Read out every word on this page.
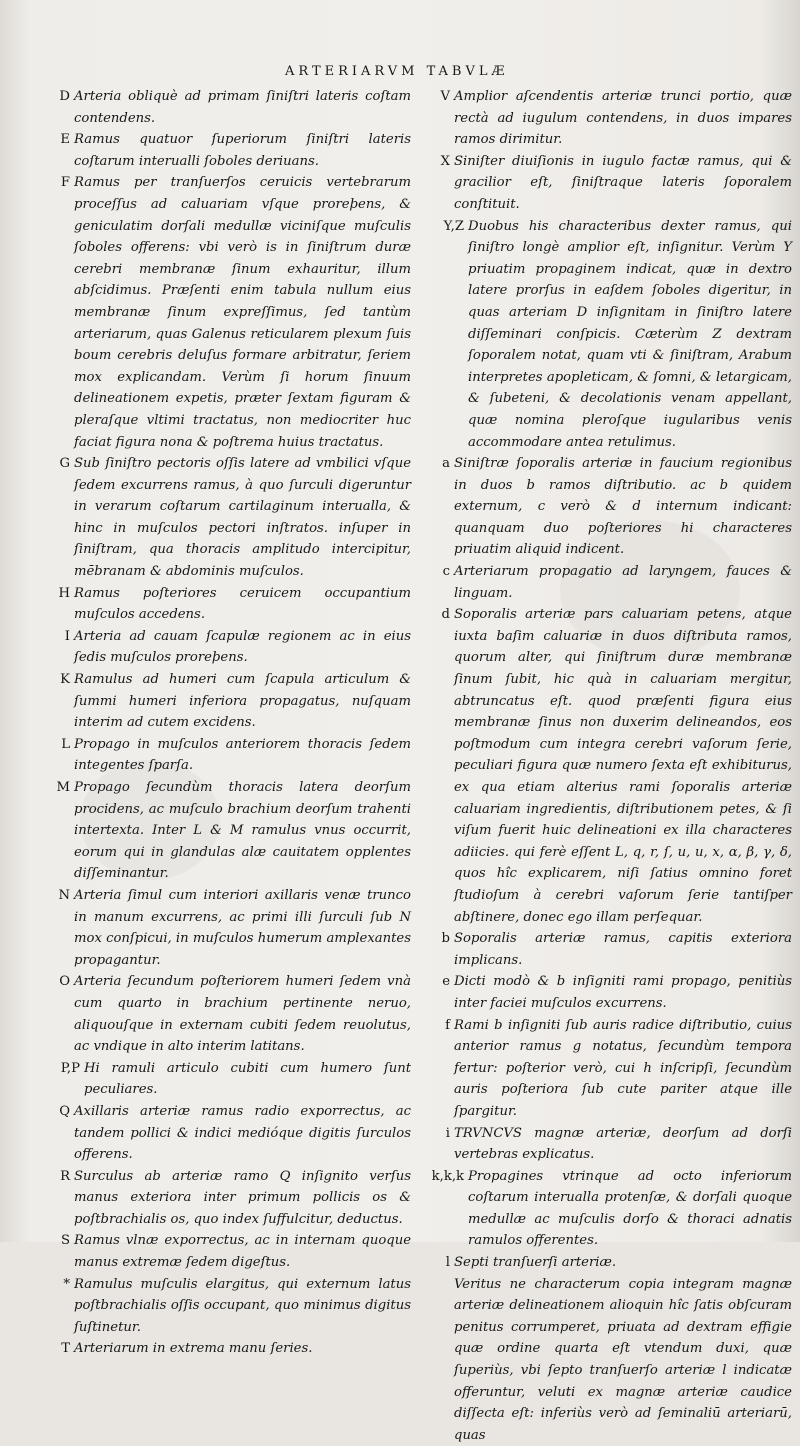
ARTERIARVM TABVLÆ
D Arteria obliquè ad primam ſiniſtri lateris coſtam contendens.
E Ramus quatuor ſuperiorum ſiniſtri lateris coſtarum interualli ſoboles deriuans.
F Ramus per tranſuerſos ceruicis vertebrarum proceſſus ad caluariam vſque proreþens, & geniculatim dorſali medullæ viciniſque muſculis ſoboles offerens: vbi verò is in ſiniſtrum duræ cerebri membranæ ſinum exhauritur, illum abſcidimus. Præſenti enim tabula nullum eius membranæ ſinum expreſſimus, ſed tantùm arteriarum, quas Galenus reticularem plexum ſuis boum cerebris deluſus formare arbitratur, ſeriem mox explicandam. Verùm ſi horum ſinuum delineationem expetis, præter ſextam figuram & pleraſque vltimi tractatus, non mediocriter huc faciat figura nona & poſtrema huius tractatus.
G Sub ſiniſtro pectoris oſſis latere ad vmbilici vſque ſedem excurrens ramus, à quo ſurculi digeruntur in verarum coſtarum cartilaginum interualla, & hinc in muſculos pectori inſtratos. inſuper in ſiniſtram, qua thoracis amplitudo intercipitur, mēbranam & abdominis muſculos.
H Ramus poſteriores ceruicem occupantium muſculos accedens.
I Arteria ad cauam ſcapulæ regionem ac in eius ſedis muſculos proreþens.
K Ramulus ad humeri cum ſcapula articulum & ſummi humeri inferiora propagatus, nuſquam interim ad cutem excidens.
L Propago in muſculos anteriorem thoracis ſedem integentes ſparſa.
M Propago ſecundùm thoracis latera deorſum procidens, ac muſculo brachium deorſum trahenti intertexta. Inter L & M ramulus vnus occurrit, eorum qui in glandulas alæ cauitatem opplentes diſſeminantur.
N Arteria ſimul cum interiori axillaris venæ trunco in manum excurrens, ac primi illi ſurculi ſub N mox conſpicui, in muſculos humerum amplexantes propagantur.
O Arteria ſecundum poſteriorem humeri ſedem vnà cum quarto in brachium pertinente neruo, aliquouſque in externam cubiti ſedem reuolutus, ac vndique in alto interim latitans.
P,P Hi ramuli articulo cubiti cum humero ſunt peculiares.
Q Axillaris arteriæ ramus radio exporrectus, ac tandem pollici & indici medióque digitis ſurculos offerens.
R Surculus ab arteriæ ramo Q inſignito verſus manus exteriora inter primum pollicis os & poſtbrachialis os, quo index ſuffulcitur, deductus.
S Ramus vlnæ exporrectus, ac in internam quoque manus extremæ ſedem digeſtus.
* Ramulus muſculis elargitus, qui externum latus poſtbrachialis oſſis occupant, quo minimus digitus ſuſtinetur.
T Arteriarum in extrema manu ſeries.
V Amplior aſcendentis arteriæ trunci portio, quæ rectà ad iugulum contendens, in duos impares ramos dirimitur.
X Siniſter diuiſionis in iugulo factæ ramus, qui & gracilior eſt, ſiniſtraque lateris ſoporalem conſtituit.
Y,Z Duobus his characteribus dexter ramus, qui ſiniſtro longè amplior eſt, inſignitur. Verùm Y priuatim propaginem indicat, quæ in dextro latere prorſus in eaſdem ſoboles digeritur, in quas arteriam D inſignitam in ſiniſtro latere diſſeminari conſpicis. Cæterùm Z dextram ſoporalem notat, quam vti & ſiniſtram, Arabum interpretes apopleticam, & ſomni, & letargicam, & ſubeteni, & decolationis venam appellant, quæ nomina pleroſque iugularibus venis accommodare antea retulimus.
a Siniſtræ ſoporalis arteriæ in faucium regionibus in duos b ramos diſtributio. ac b quidem externum, c verò & d internum indicant: quanquam duo poſteriores hi characteres priuatim aliquid indicent.
c Arteriarum propagatio ad laryngem, fauces & linguam.
d Soporalis arteriæ pars caluariam petens, atque iuxta baſim caluariæ in duos diſtributa ramos, quorum alter, qui ſiniſtrum duræ membranæ ſinum ſubit, hic quà in caluariam mergitur, abtruncatus eſt. quod præſenti figura eius membranæ ſinus non duxerim delineandos, eos poſtmodum cum integra cerebri vaſorum ſerie, peculiari figura quæ numero ſexta eſt exhibiturus, ex qua etiam alterius rami ſoporalis arteriæ caluariam ingredientis, diſtributionem petes, & ſi viſum fuerit huic delineationi ex illa characteres adiicies. qui ferè eſſent L, q, r, ſ, u, u, x, α, β, γ, δ, quos hîc explicarem, niſi ſatius omnino foret ſtudioſum à cerebri vaſorum ſerie tantiſper abſtinere, donec ego illam perſequar.
b Soporalis arteriæ ramus, capitis exteriora implicans.
e Dicti modò & b inſigniti rami propago, penitiùs inter faciei muſculos excurrens.
f Rami b inſigniti ſub auris radice diſtributio, cuius anterior ramus g notatus, ſecundùm tempora fertur: poſterior verò, cui h inſcripſi, ſecundùm auris poſteriora ſub cute pariter atque ille ſpargitur.
i TRVNCVS magnæ arteriæ, deorſum ad dorſi vertebras explicatus.
k,k,k Propagines vtrinque ad octo inferiorum coſtarum interualla protenſæ, & dorſali quoque medullæ ac muſculis dorſo & thoraci adnatis ramulos offerentes.
l Septi tranſuerſi arteriæ.
Veritus ne characterum copia integram magnæ arteriæ delineationem alioquin hîc ſatis obſcuram penitus corrumperet, priuata ad dextram effigie quæ ordine quarta eſt vtendum duxi, quæ ſuperiùs, vbi ſepto tranſuerſo arteriæ l indicatæ offeruntur, veluti ex magnæ arteriæ caudice diſſecta eſt: inferiùs verò ad ſeminaliū arteriarū, quas
